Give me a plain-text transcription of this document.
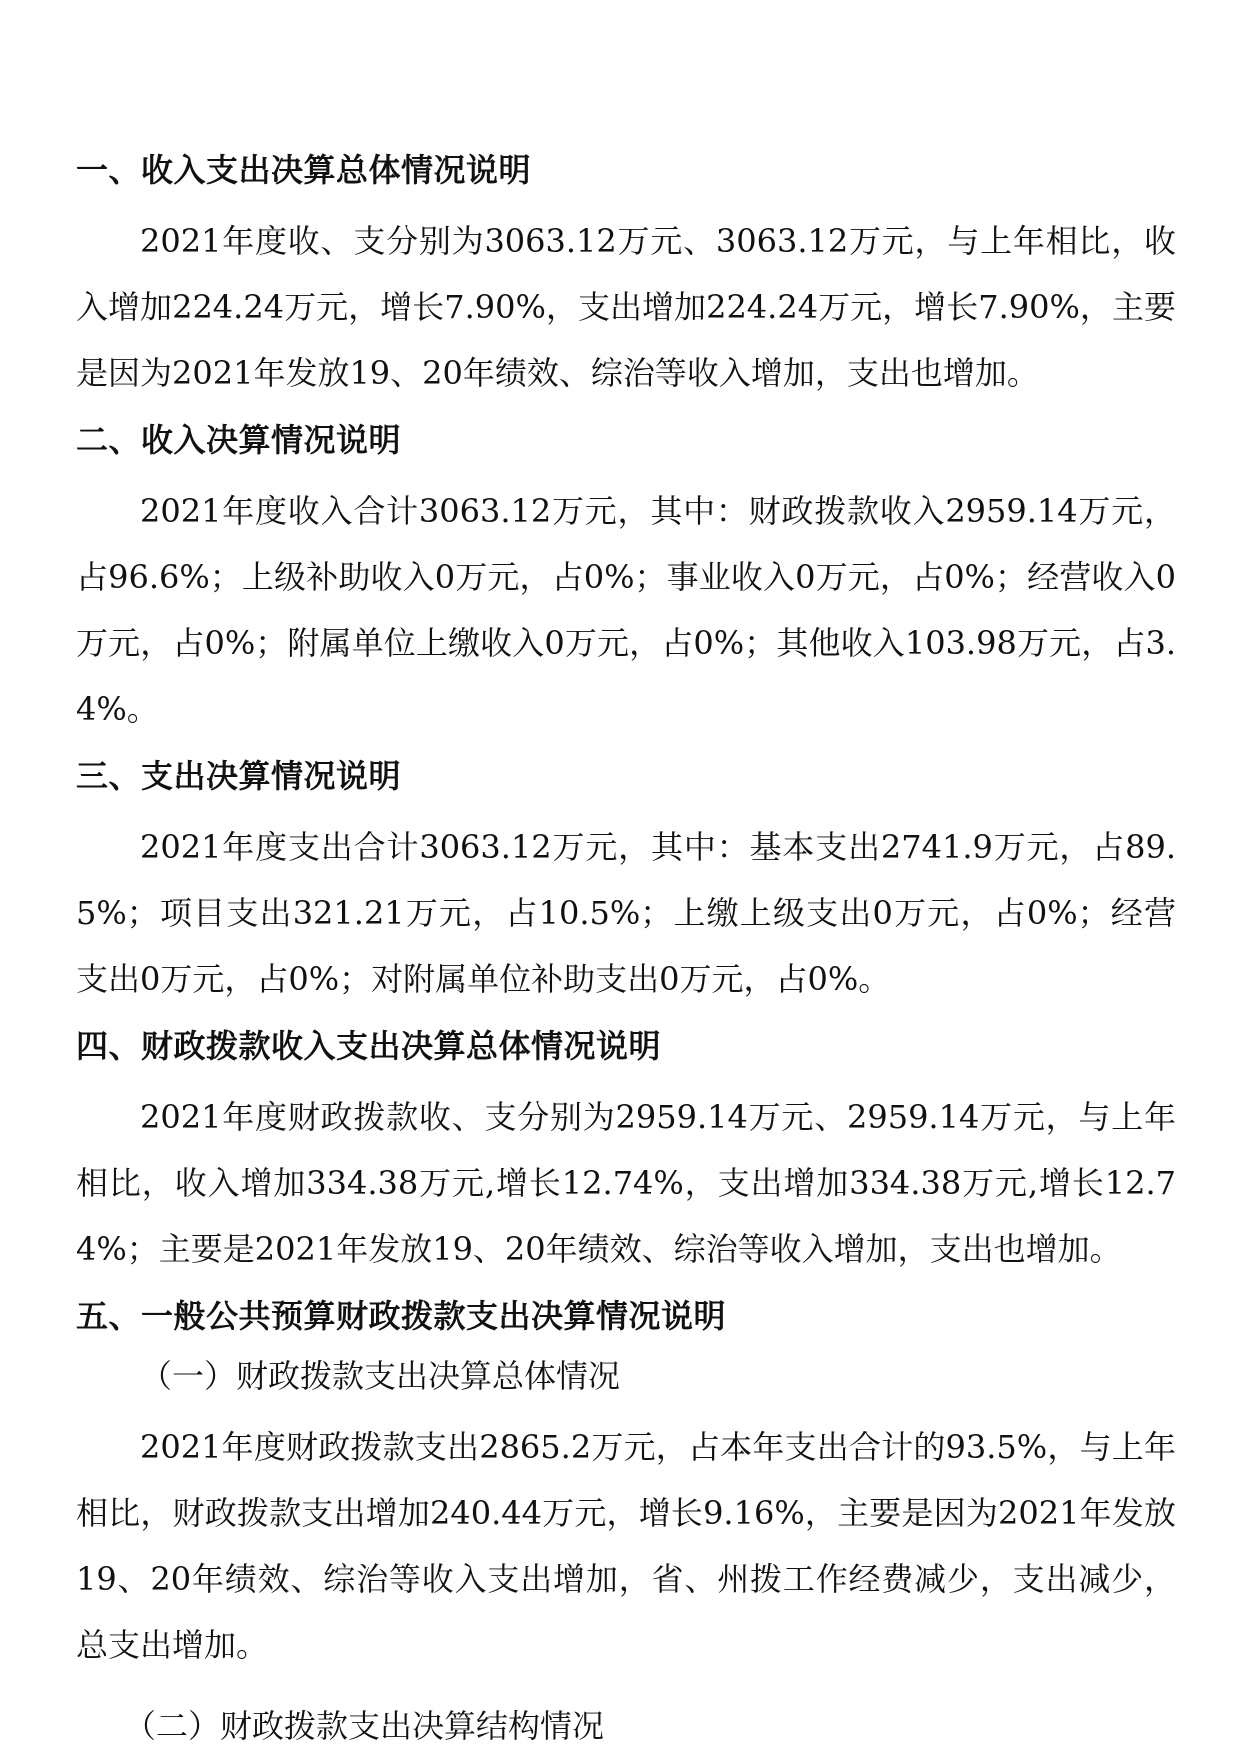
一、收入支出决算总体情况说明

2021年度收、支分别为3063.12万元、3063.12万元，与上年相比，收入增加224.24万元，增长7.90%，支出增加224.24万元，增长7.90%，主要是因为2021年发放19、20年绩效、综治等收入增加，支出也增加。

二、收入决算情况说明

2021年度收入合计3063.12万元，其中：财政拨款收入2959.14万元，占96.6%；上级补助收入0万元，占0%；事业收入0万元，占0%；经营收入0万元，占0%；附属单位上缴收入0万元，占0%；其他收入103.98万元，占3.4%。

三、支出决算情况说明

2021年度支出合计3063.12万元，其中：基本支出2741.9万元，占89.5%；项目支出321.21万元，占10.5%；上缴上级支出0万元，占0%；经营支出0万元，占0%；对附属单位补助支出0万元，占0%。

四、财政拨款收入支出决算总体情况说明

2021年度财政拨款收、支分别为2959.14万元、2959.14万元，与上年相比，收入增加334.38万元,增长12.74%，支出增加334.38万元,增长12.74%；主要是2021年发放19、20年绩效、综治等收入增加，支出也增加。

五、一般公共预算财政拨款支出决算情况说明
（一）财政拨款支出决算总体情况

2021年度财政拨款支出2865.2万元，占本年支出合计的93.5%，与上年相比，财政拨款支出增加240.44万元，增长9.16%，主要是因为2021年发放19、20年绩效、综治等收入支出增加，省、州拨工作经费减少，支出减少，总支出增加。

（二）财政拨款支出决算结构情况
